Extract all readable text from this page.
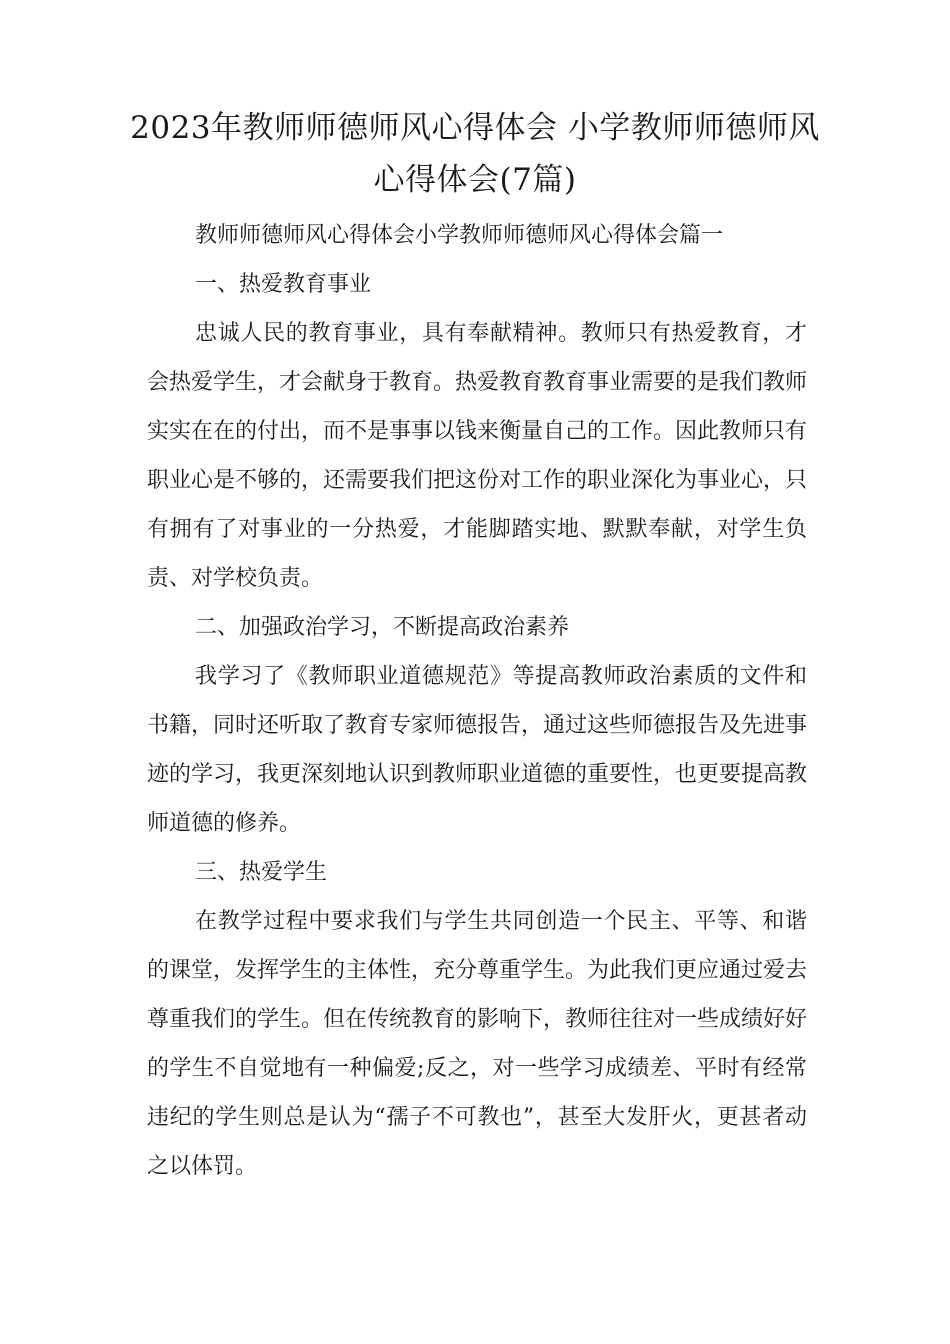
2023年教师师德师风心得体会 小学教师师德师风心得体会(7篇)

教师师德师风心得体会小学教师师德师风心得体会篇一

一、热爱教育事业

忠诚人民的教育事业，具有奉献精神。教师只有热爱教育，才会热爱学生，才会献身于教育。热爱教育教育事业需要的是我们教师实实在在的付出，而不是事事以钱来衡量自己的工作。因此教师只有职业心是不够的，还需要我们把这份对工作的职业深化为事业心，只有拥有了对事业的一分热爱，才能脚踏实地、默默奉献，对学生负责、对学校负责。

二、加强政治学习，不断提高政治素养

我学习了《教师职业道德规范》等提高教师政治素质的文件和书籍，同时还听取了教育专家师德报告，通过这些师德报告及先进事迹的学习，我更深刻地认识到教师职业道德的重要性，也更要提高教师道德的修养。

三、热爱学生

在教学过程中要求我们与学生共同创造一个民主、平等、和谐的课堂，发挥学生的主体性，充分尊重学生。为此我们更应通过爱去尊重我们的学生。但在传统教育的影响下，教师往往对一些成绩好好的学生不自觉地有一种偏爱;反之，对一些学习成绩差、平时有经常违纪的学生则总是认为“孺子不可教也”，甚至大发肝火，更甚者动之以体罚。
